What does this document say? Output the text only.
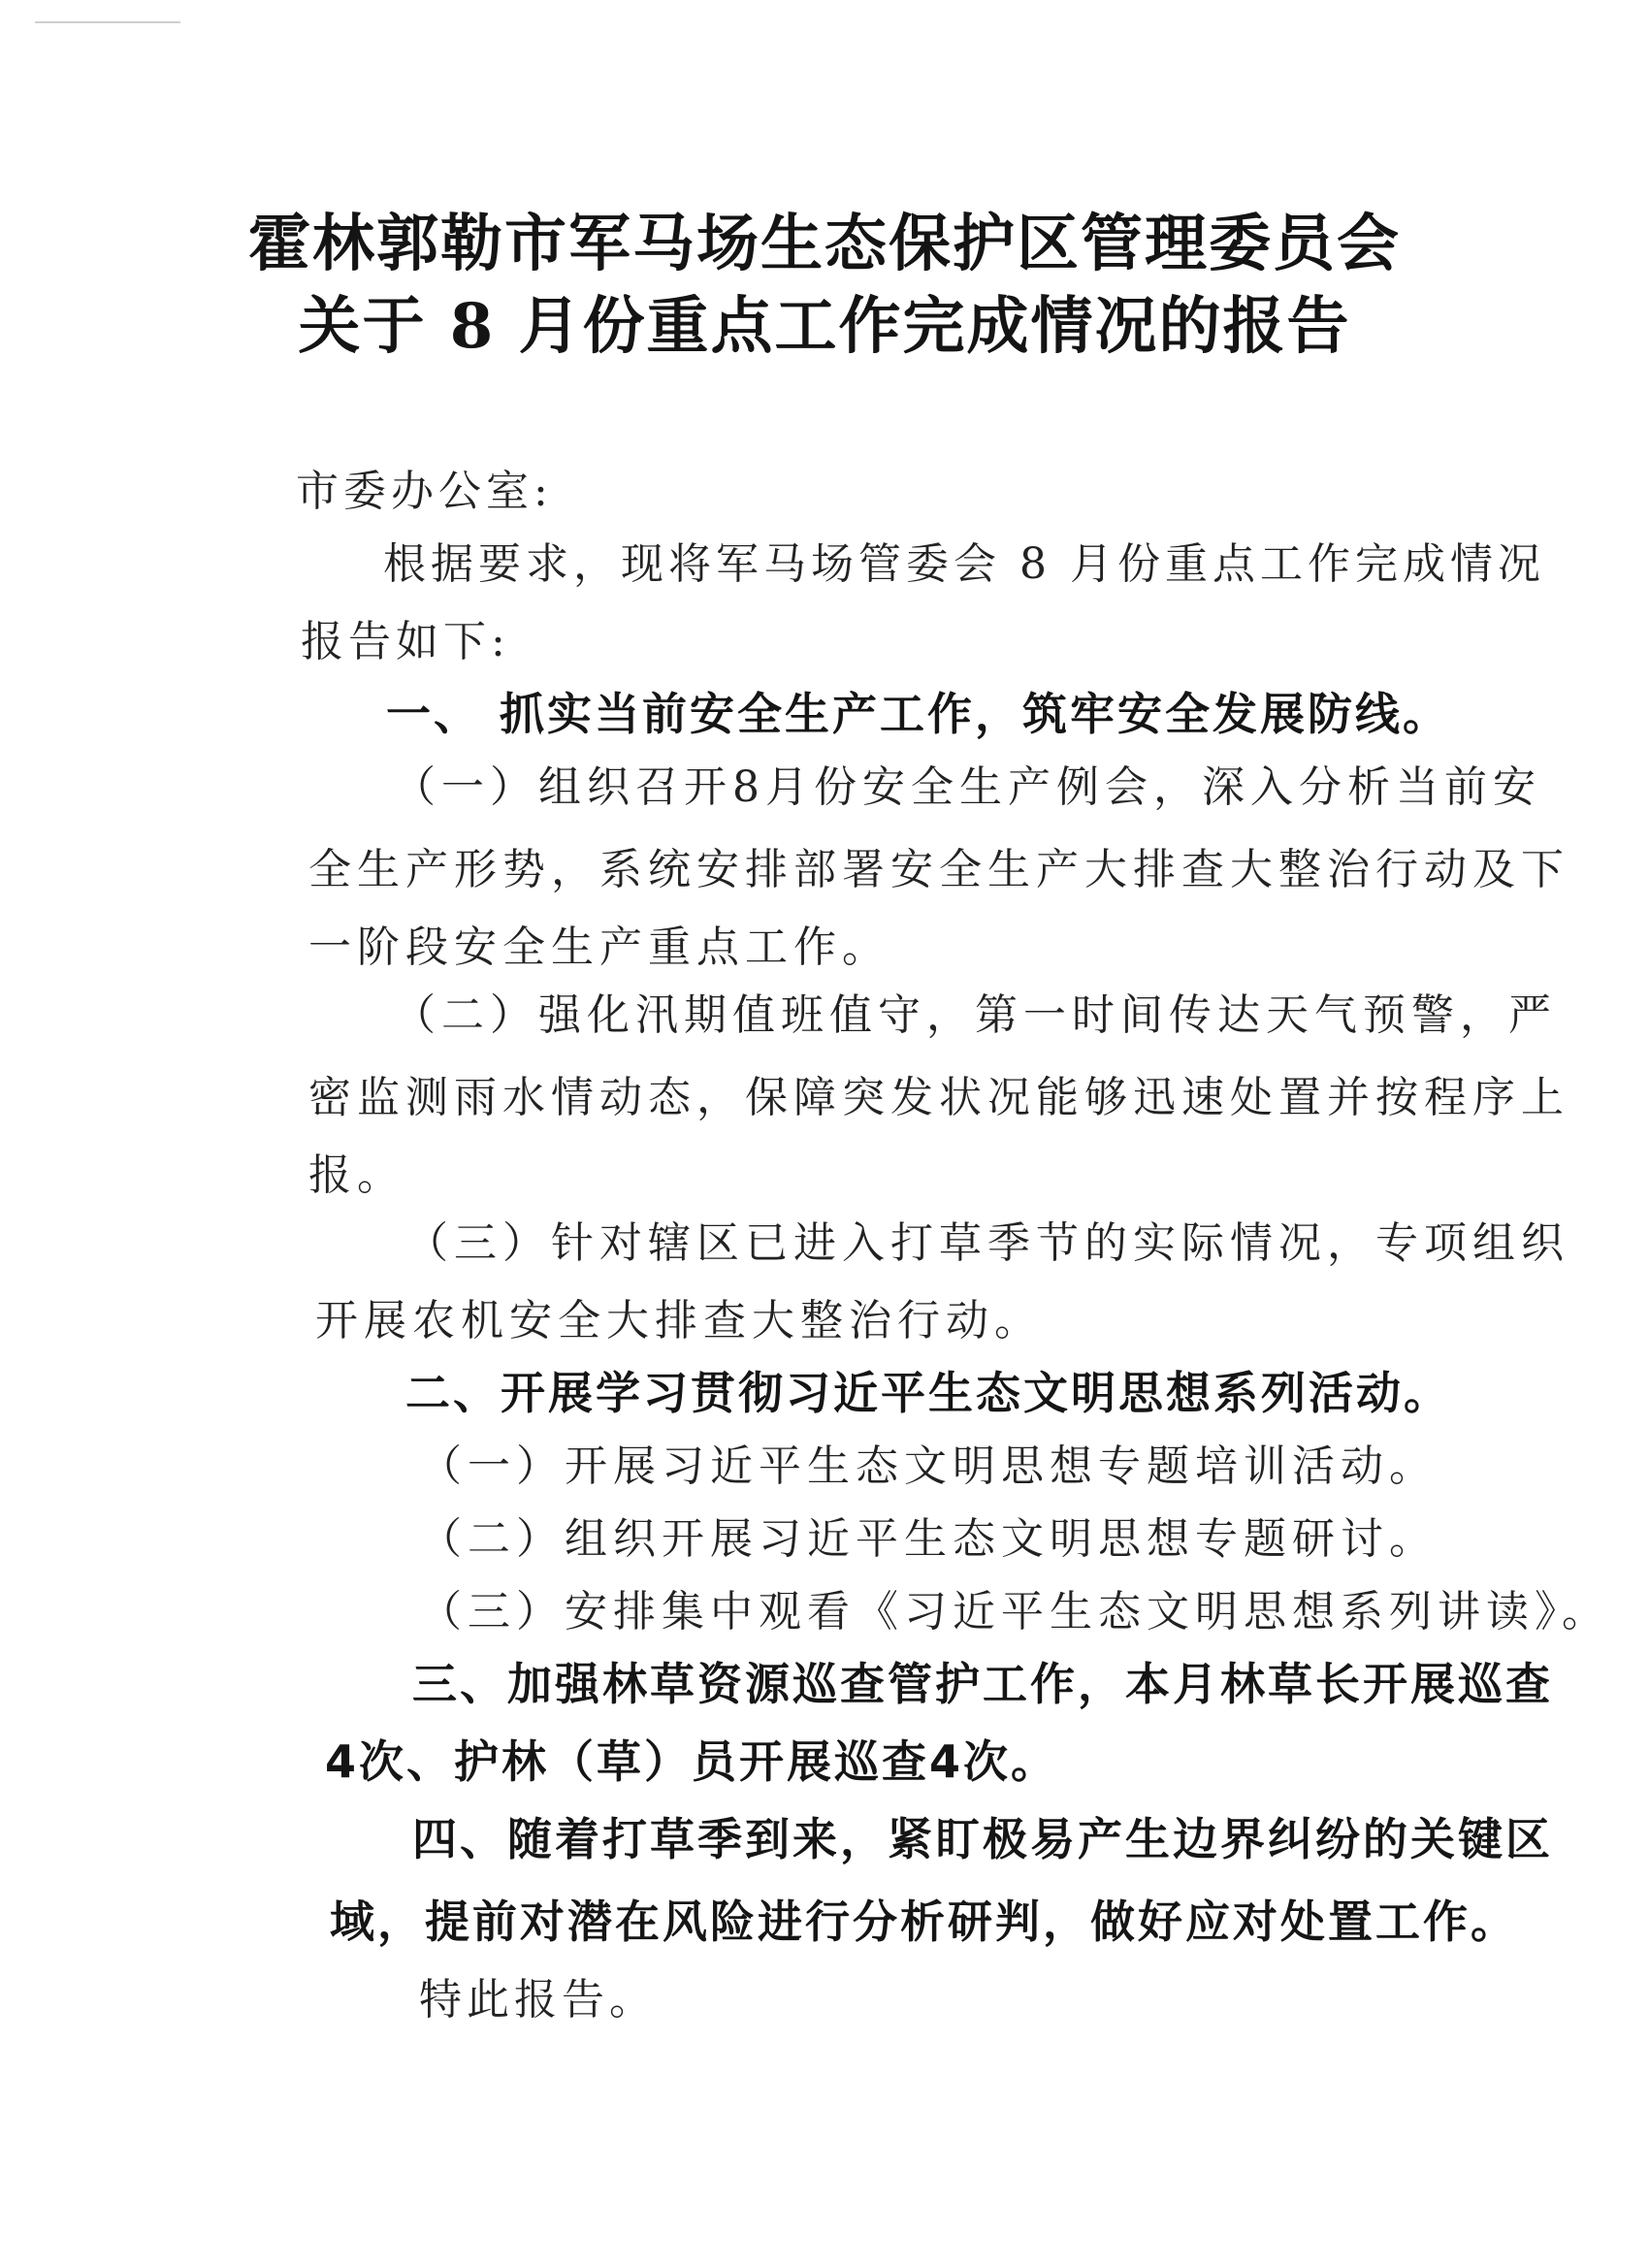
霍林郭勒市军马场生态保护区管理委员会
关于 8 月份重点工作完成情况的报告
市委办公室:
根据要求，现将军马场管委会 8 月份重点工作完成情况
报告如下:
一、 抓实当前安全生产工作，筑牢安全发展防线。
（一）组织召开8月份安全生产例会，深入分析当前安
全生产形势，系统安排部署安全生产大排查大整治行动及下
一阶段安全生产重点工作。
（二）强化汛期值班值守，第一时间传达天气预警，严
密监测雨水情动态，保障突发状况能够迅速处置并按程序上
报。
（三）针对辖区已进入打草季节的实际情况，专项组织
开展农机安全大排查大整治行动。
二、开展学习贯彻习近平生态文明思想系列活动。
（一）开展习近平生态文明思想专题培训活动。
（二）组织开展习近平生态文明思想专题研讨。
（三）安排集中观看《习近平生态文明思想系列讲读》。
三、加强林草资源巡查管护工作，本月林草长开展巡查
4次、护林（草）员开展巡查4次。
四、随着打草季到来，紧盯极易产生边界纠纷的关键区
域，提前对潜在风险进行分析研判，做好应对处置工作。
特此报告。
